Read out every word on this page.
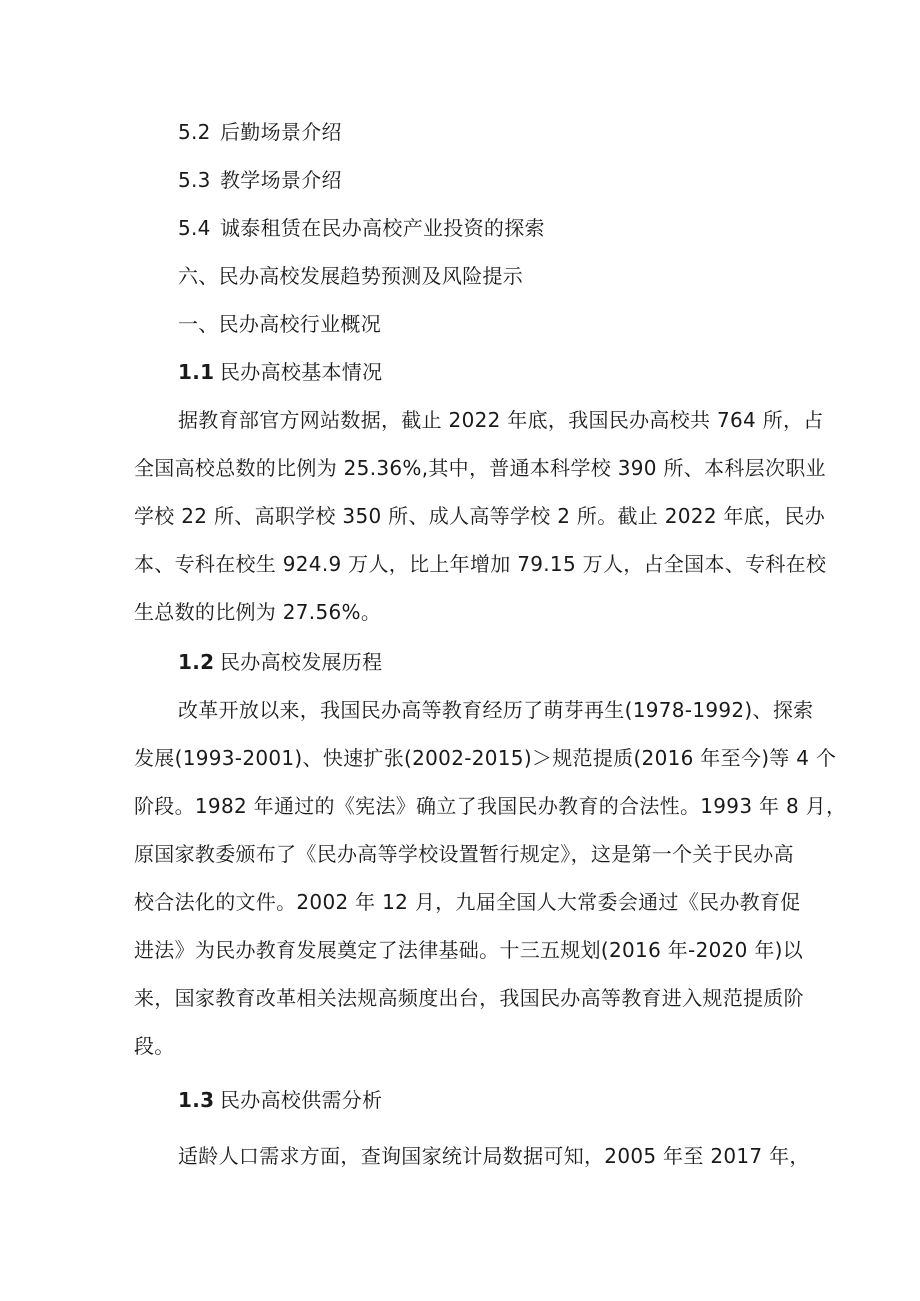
5.2 后勤场景介绍
5.3 教学场景介绍
5.4 诚泰租赁在民办高校产业投资的探索
六、民办高校发展趋势预测及风险提示
一、民办高校行业概况
1.1 民办高校基本情况
据教育部官方网站数据，截止 2022 年底，我国民办高校共 764 所，占
全国高校总数的比例为 25.36%,其中，普通本科学校 390 所、本科层次职业
学校 22 所、高职学校 350 所、成人高等学校 2 所。截止 2022 年底，民办
本、专科在校生 924.9 万人，比上年增加 79.15 万人，占全国本、专科在校
生总数的比例为 27.56%。
1.2 民办高校发展历程
改革开放以来，我国民办高等教育经历了萌芽再生(1978-1992)、探索
发展(1993-2001)、快速扩张(2002-2015)＞规范提质(2016 年至今)等 4 个
阶段。1982 年通过的《宪法》确立了我国民办教育的合法性。1993 年 8 月，
原国家教委颁布了《民办高等学校设置暂行规定》，这是第一个关于民办高
校合法化的文件。2002 年 12 月，九届全国人大常委会通过《民办教育促
进法》为民办教育发展奠定了法律基础。十三五规划(2016 年-2020 年)以
来，国家教育改革相关法规高频度出台，我国民办高等教育进入规范提质阶
段。
1.3 民办高校供需分析
适龄人口需求方面，查询国家统计局数据可知，2005 年至 2017 年，
